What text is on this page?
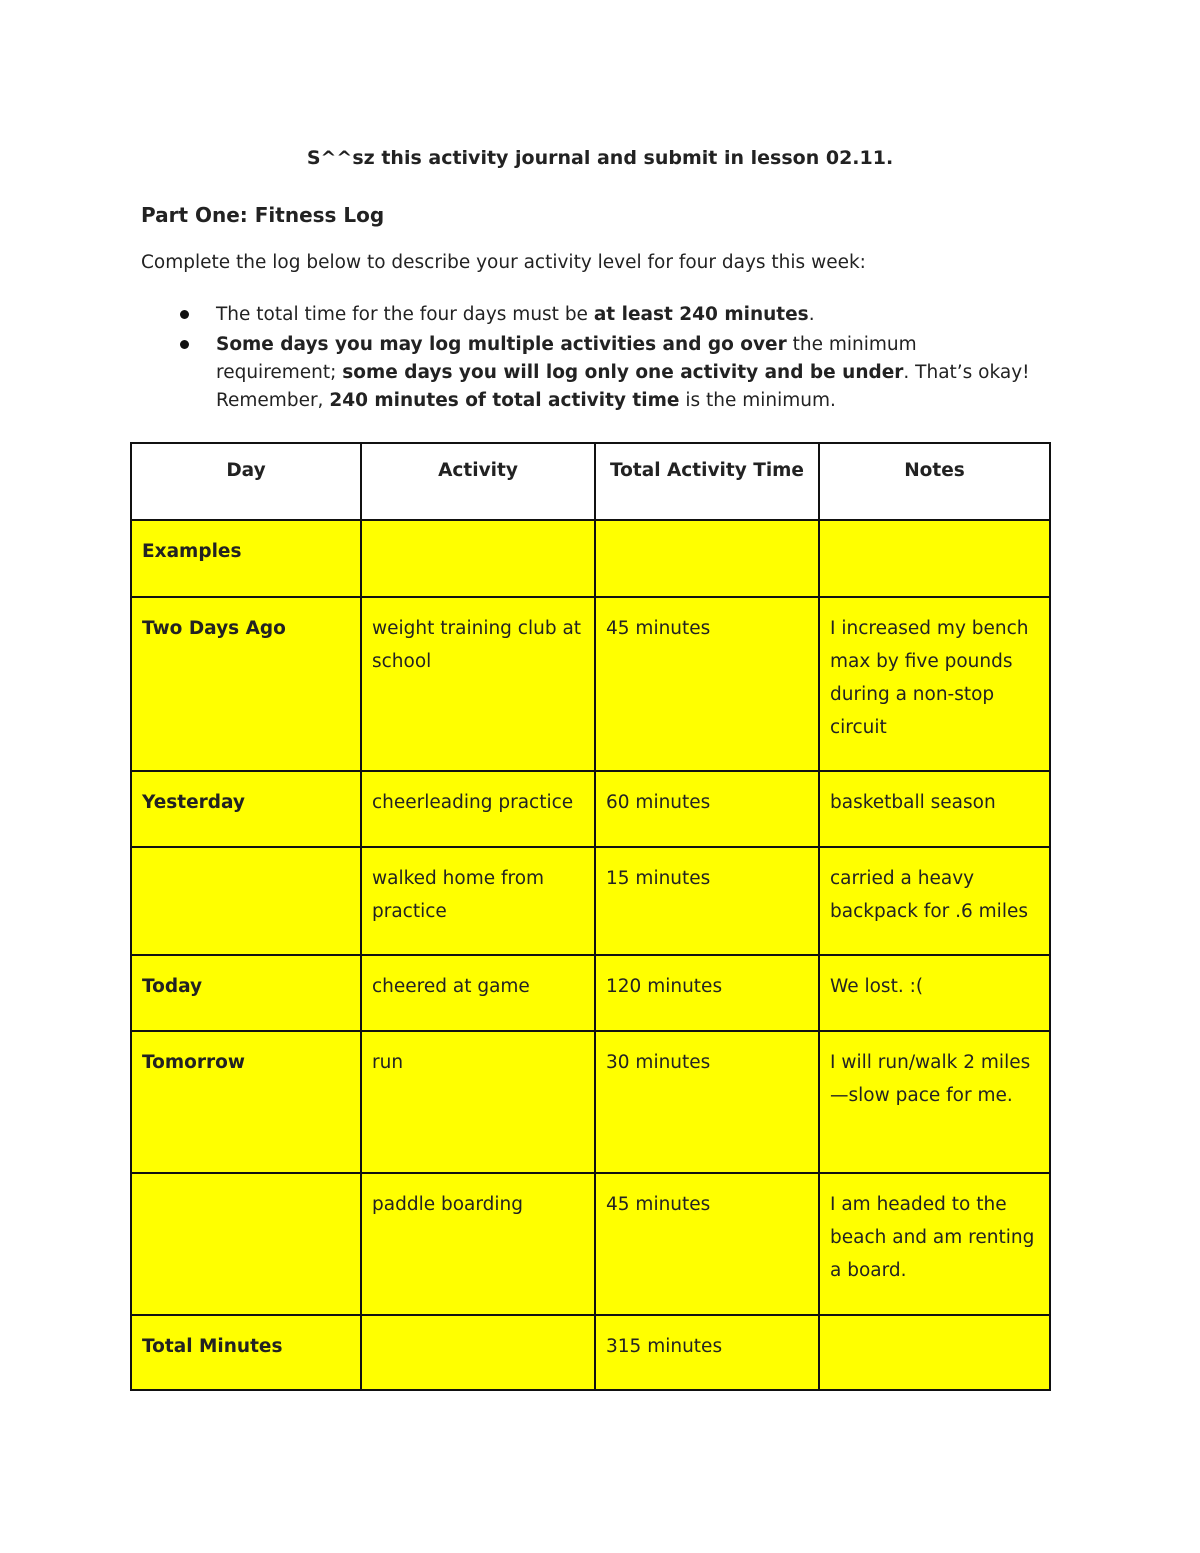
S^^sz this activity journal and submit in lesson 02.11.

Part One: Fitness Log

Complete the log below to describe your activity level for four days this week:

The total time for the four days must be at least 240 minutes.
Some days you may log multiple activities and go over the minimum requirement; some days you will log only one activity and be under. That’s okay! Remember, 240 minutes of total activity time is the minimum.
Day	Activity	Total Activity Time	Notes
Examples			
Two Days Ago	weight training club at school	45 minutes	I increased my bench max by five pounds during a non-stop circuit
Yesterday	cheerleading practice	60 minutes	basketball season
	walked home from practice	15 minutes	carried a heavy backpack for .6 miles
Today	cheered at game	120 minutes	We lost. :(
Tomorrow	run	30 minutes	I will run/walk 2 miles—slow pace for me.
	paddle boarding	45 minutes	I am headed to the beach and am renting a board.
Total Minutes		315 minutes	
